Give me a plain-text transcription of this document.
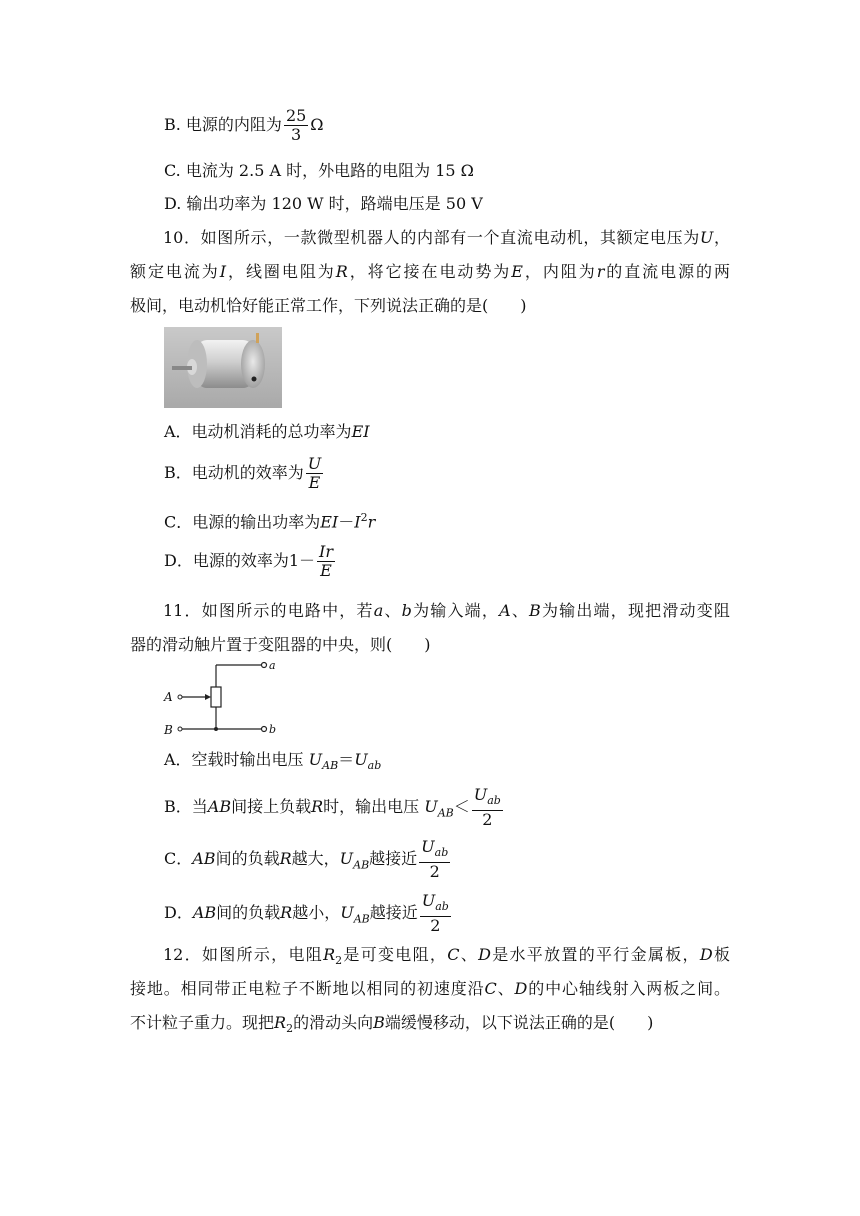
B. 电源的内阻为 $\frac{25}{3}$ Ω
C. 电流为 2.5 A 时，外电路的电阻为 15 Ω
D. 输出功率为 120 W 时，路端电压是 50 V
10．如图所示，一款微型机器人的内部有一个直流电动机，其额定电压为U，
额定电流为I，线圈电阻为R，将它接在电动势为E，内阻为r的直流电源的两
极间，电动机恰好能正常工作，下列说法正确的是(　　)
A．电动机消耗的总功率为EI
B．电动机的效率为 $\frac{U}{E}$
C．电源的输出功率为$EI-I^2r$
D．电源的效率为$1- \frac{Ir}{E}$
11．如图所示的电路中，若a、b为输入端，A、B为输出端，现把滑动变阻
器的滑动触片置于变阻器的中央，则(　　)
A
B
a
b
A．空载时输出电压 $U_{AB}=U_{ab}$
B．当AB间接上负载R时，输出电压 $U_{AB}< \frac{U_{ab}}{2}$
C．AB间的负载R越大，$U_{AB}$越接近 $\frac{U_{ab}}{2}$
D．AB间的负载R越小，$U_{AB}$越接近 $\frac{U_{ab}}{2}$
12．如图所示，电阻$R_2$是可变电阻，C、D是水平放置的平行金属板，D板
接地。相同带正电粒子不断地以相同的初速度沿C、D的中心轴线射入两板之间。
不计粒子重力。现把$R_2$的滑动头向B端缓慢移动，以下说法正确的是(　　)
